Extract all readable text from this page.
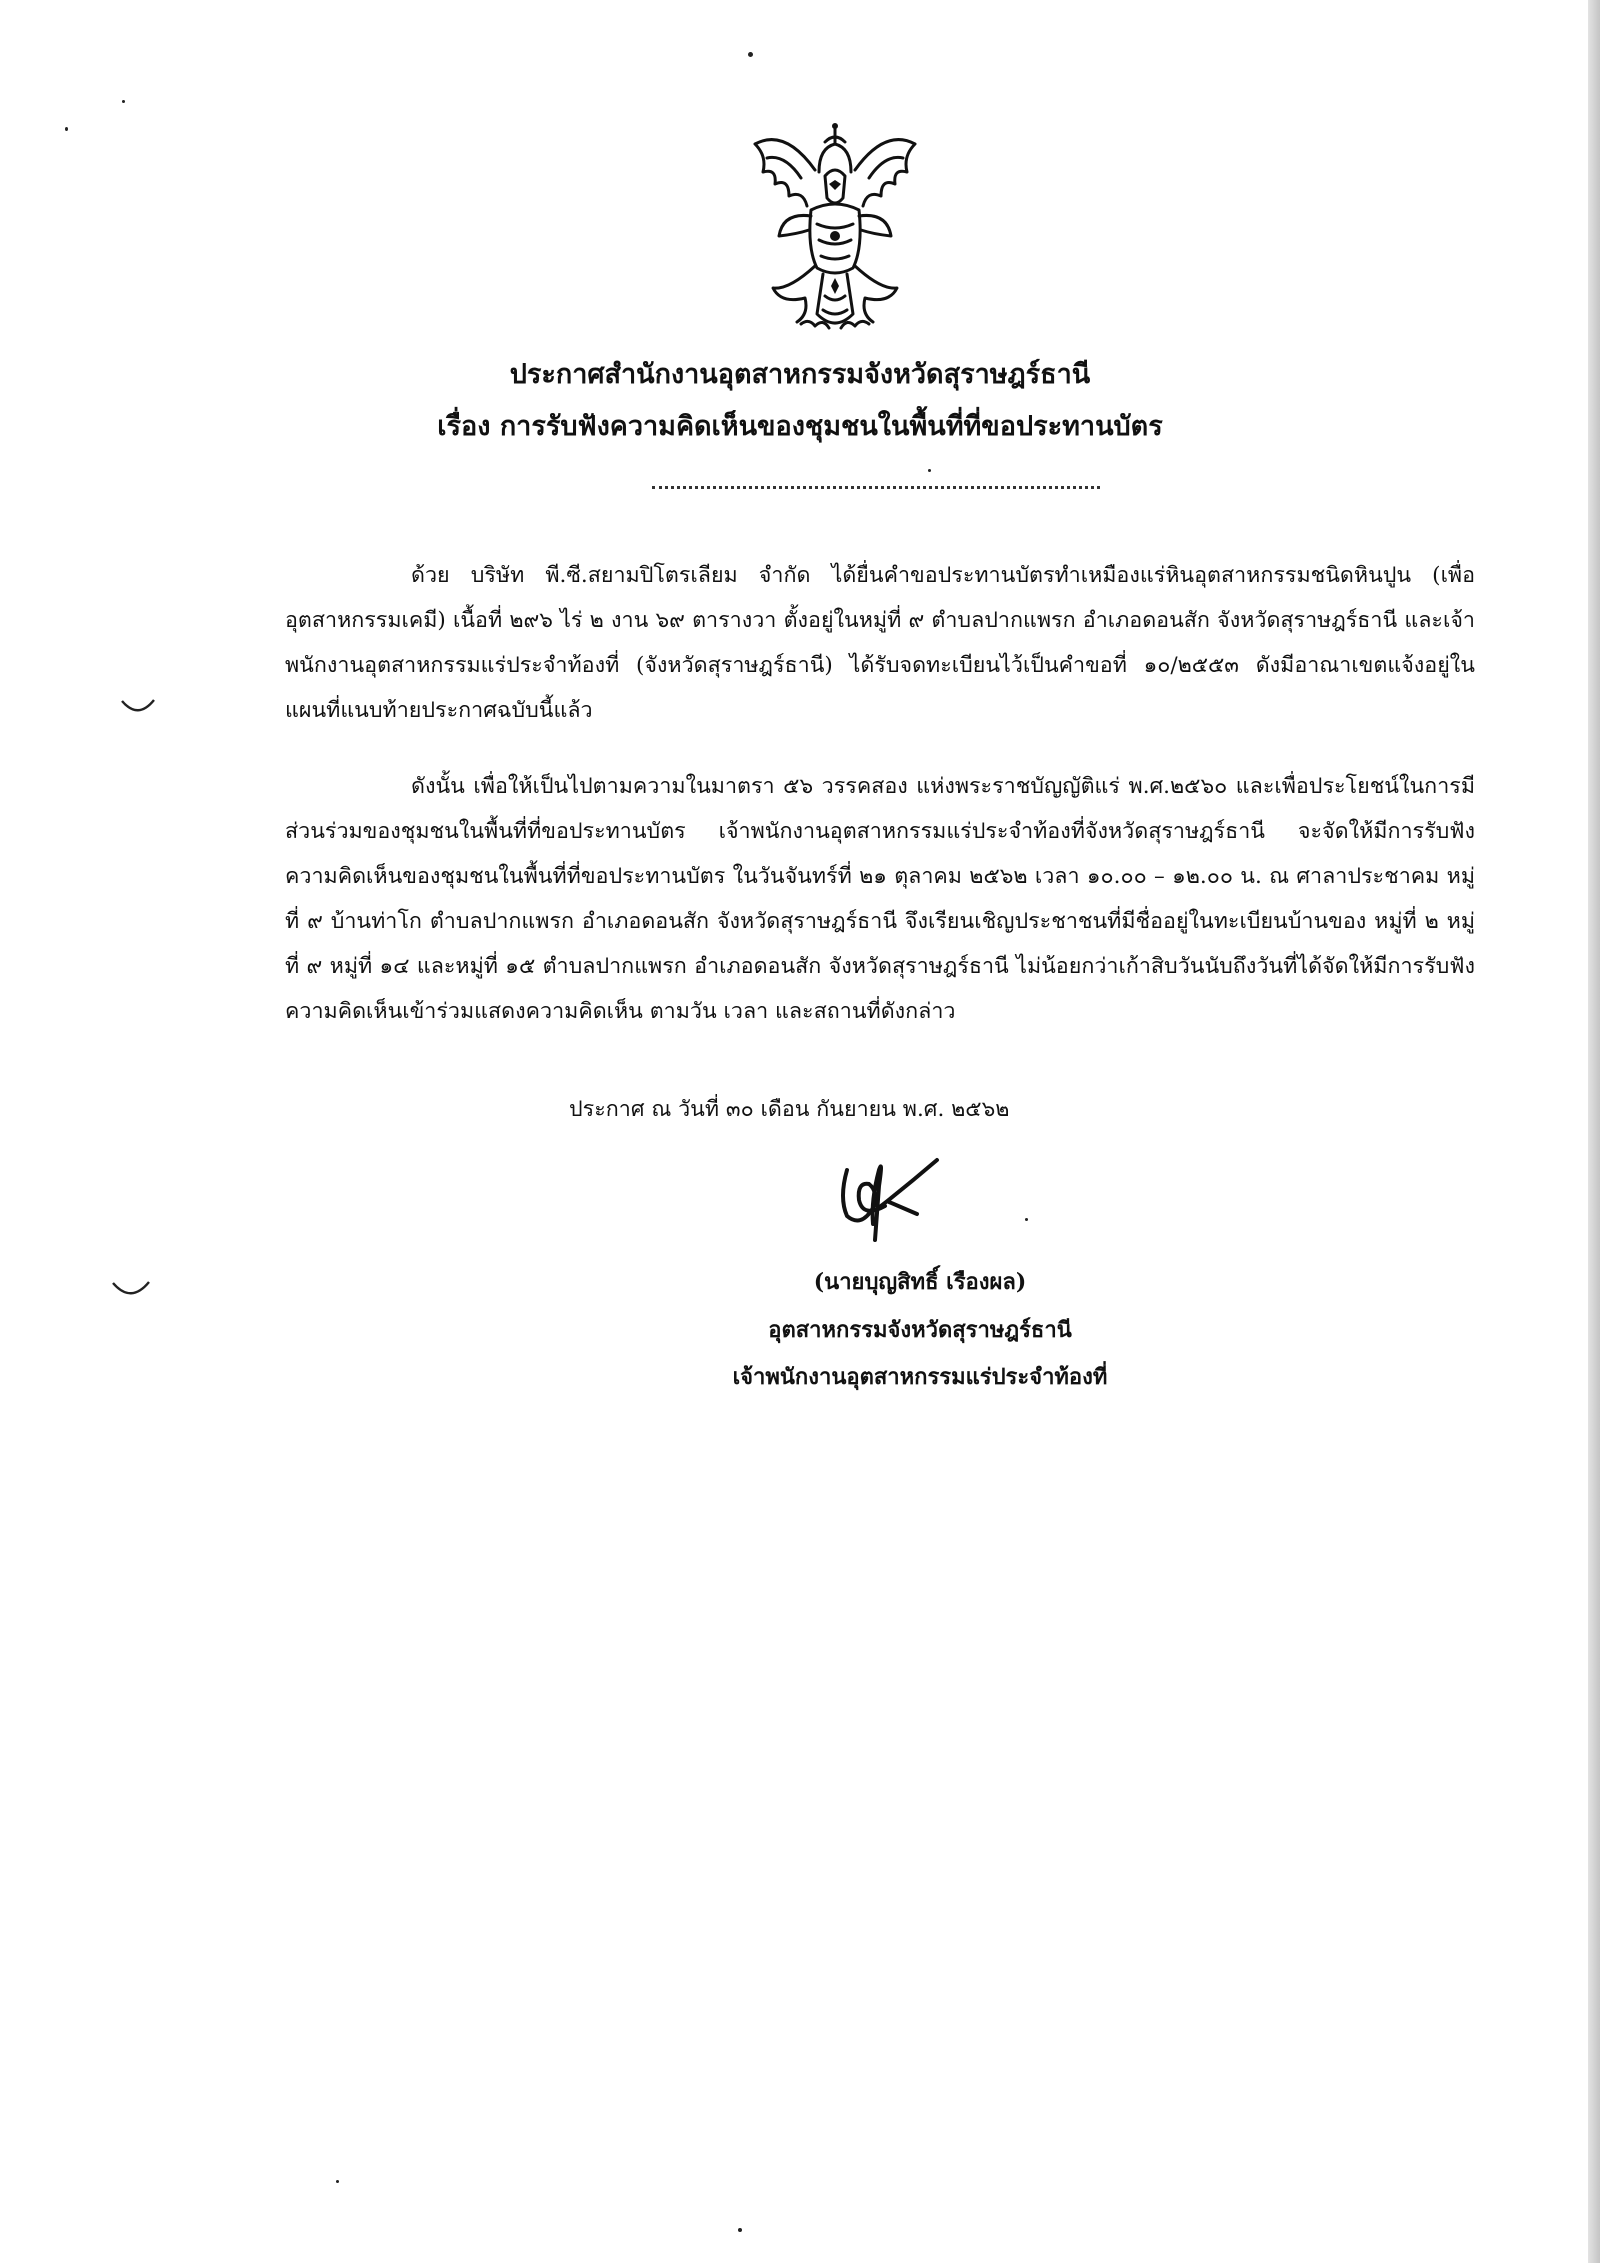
ประกาศสำนักงานอุตสาหกรรมจังหวัดสุราษฎร์ธานี
เรื่อง การรับฟังความคิดเห็นของชุมชนในพื้นที่ที่ขอประทานบัตร

ด้วย บริษัท พี.ซี.สยามปิโตรเลียม จำกัด ได้ยื่นคำขอประทานบัตรทำเหมืองแร่หินอุตสาหกรรมชนิดหินปูน (เพื่ออุตสาหกรรมเคมี) เนื้อที่ ๒๙๖ ไร่ ๒ งาน ๖๙ ตารางวา ตั้งอยู่ในหมู่ที่ ๙ ตำบลปากแพรก อำเภอดอนสัก จังหวัดสุราษฎร์ธานี และเจ้าพนักงานอุตสาหกรรมแร่ประจำท้องที่ (จังหวัดสุราษฎร์ธานี) ได้รับจดทะเบียนไว้เป็นคำขอที่ ๑๐/๒๕๕๓ ดังมีอาณาเขตแจ้งอยู่ในแผนที่แนบท้ายประกาศฉบับนี้แล้ว

ดังนั้น เพื่อให้เป็นไปตามความในมาตรา ๕๖ วรรคสอง แห่งพระราชบัญญัติแร่ พ.ศ.๒๕๖๐ และเพื่อประโยชน์ในการมีส่วนร่วมของชุมชนในพื้นที่ที่ขอประทานบัตร เจ้าพนักงานอุตสาหกรรมแร่ประจำท้องที่จังหวัดสุราษฎร์ธานี จะจัดให้มีการรับฟังความคิดเห็นของชุมชนในพื้นที่ที่ขอประทานบัตร ในวันจันทร์ที่ ๒๑ ตุลาคม ๒๕๖๒ เวลา ๑๐.๐๐ – ๑๒.๐๐ น. ณ ศาลาประชาคม หมู่ที่ ๙ บ้านท่าโก ตำบลปากแพรก อำเภอดอนสัก จังหวัดสุราษฎร์ธานี จึงเรียนเชิญประชาชนที่มีชื่ออยู่ในทะเบียนบ้านของ หมู่ที่ ๒ หมู่ที่ ๙ หมู่ที่ ๑๔ และหมู่ที่ ๑๕ ตำบลปากแพรก อำเภอดอนสัก จังหวัดสุราษฎร์ธานี ไม่น้อยกว่าเก้าสิบวันนับถึงวันที่ได้จัดให้มีการรับฟังความคิดเห็นเข้าร่วมแสดงความคิดเห็น ตามวัน เวลา และสถานที่ดังกล่าว

ประกาศ ณ วันที่ ๓๐ เดือน กันยายน พ.ศ. ๒๕๖๒
(นายบุญสิทธิ์ เรืองผล)
อุตสาหกรรมจังหวัดสุราษฎร์ธานี
เจ้าพนักงานอุตสาหกรรมแร่ประจำท้องที่
